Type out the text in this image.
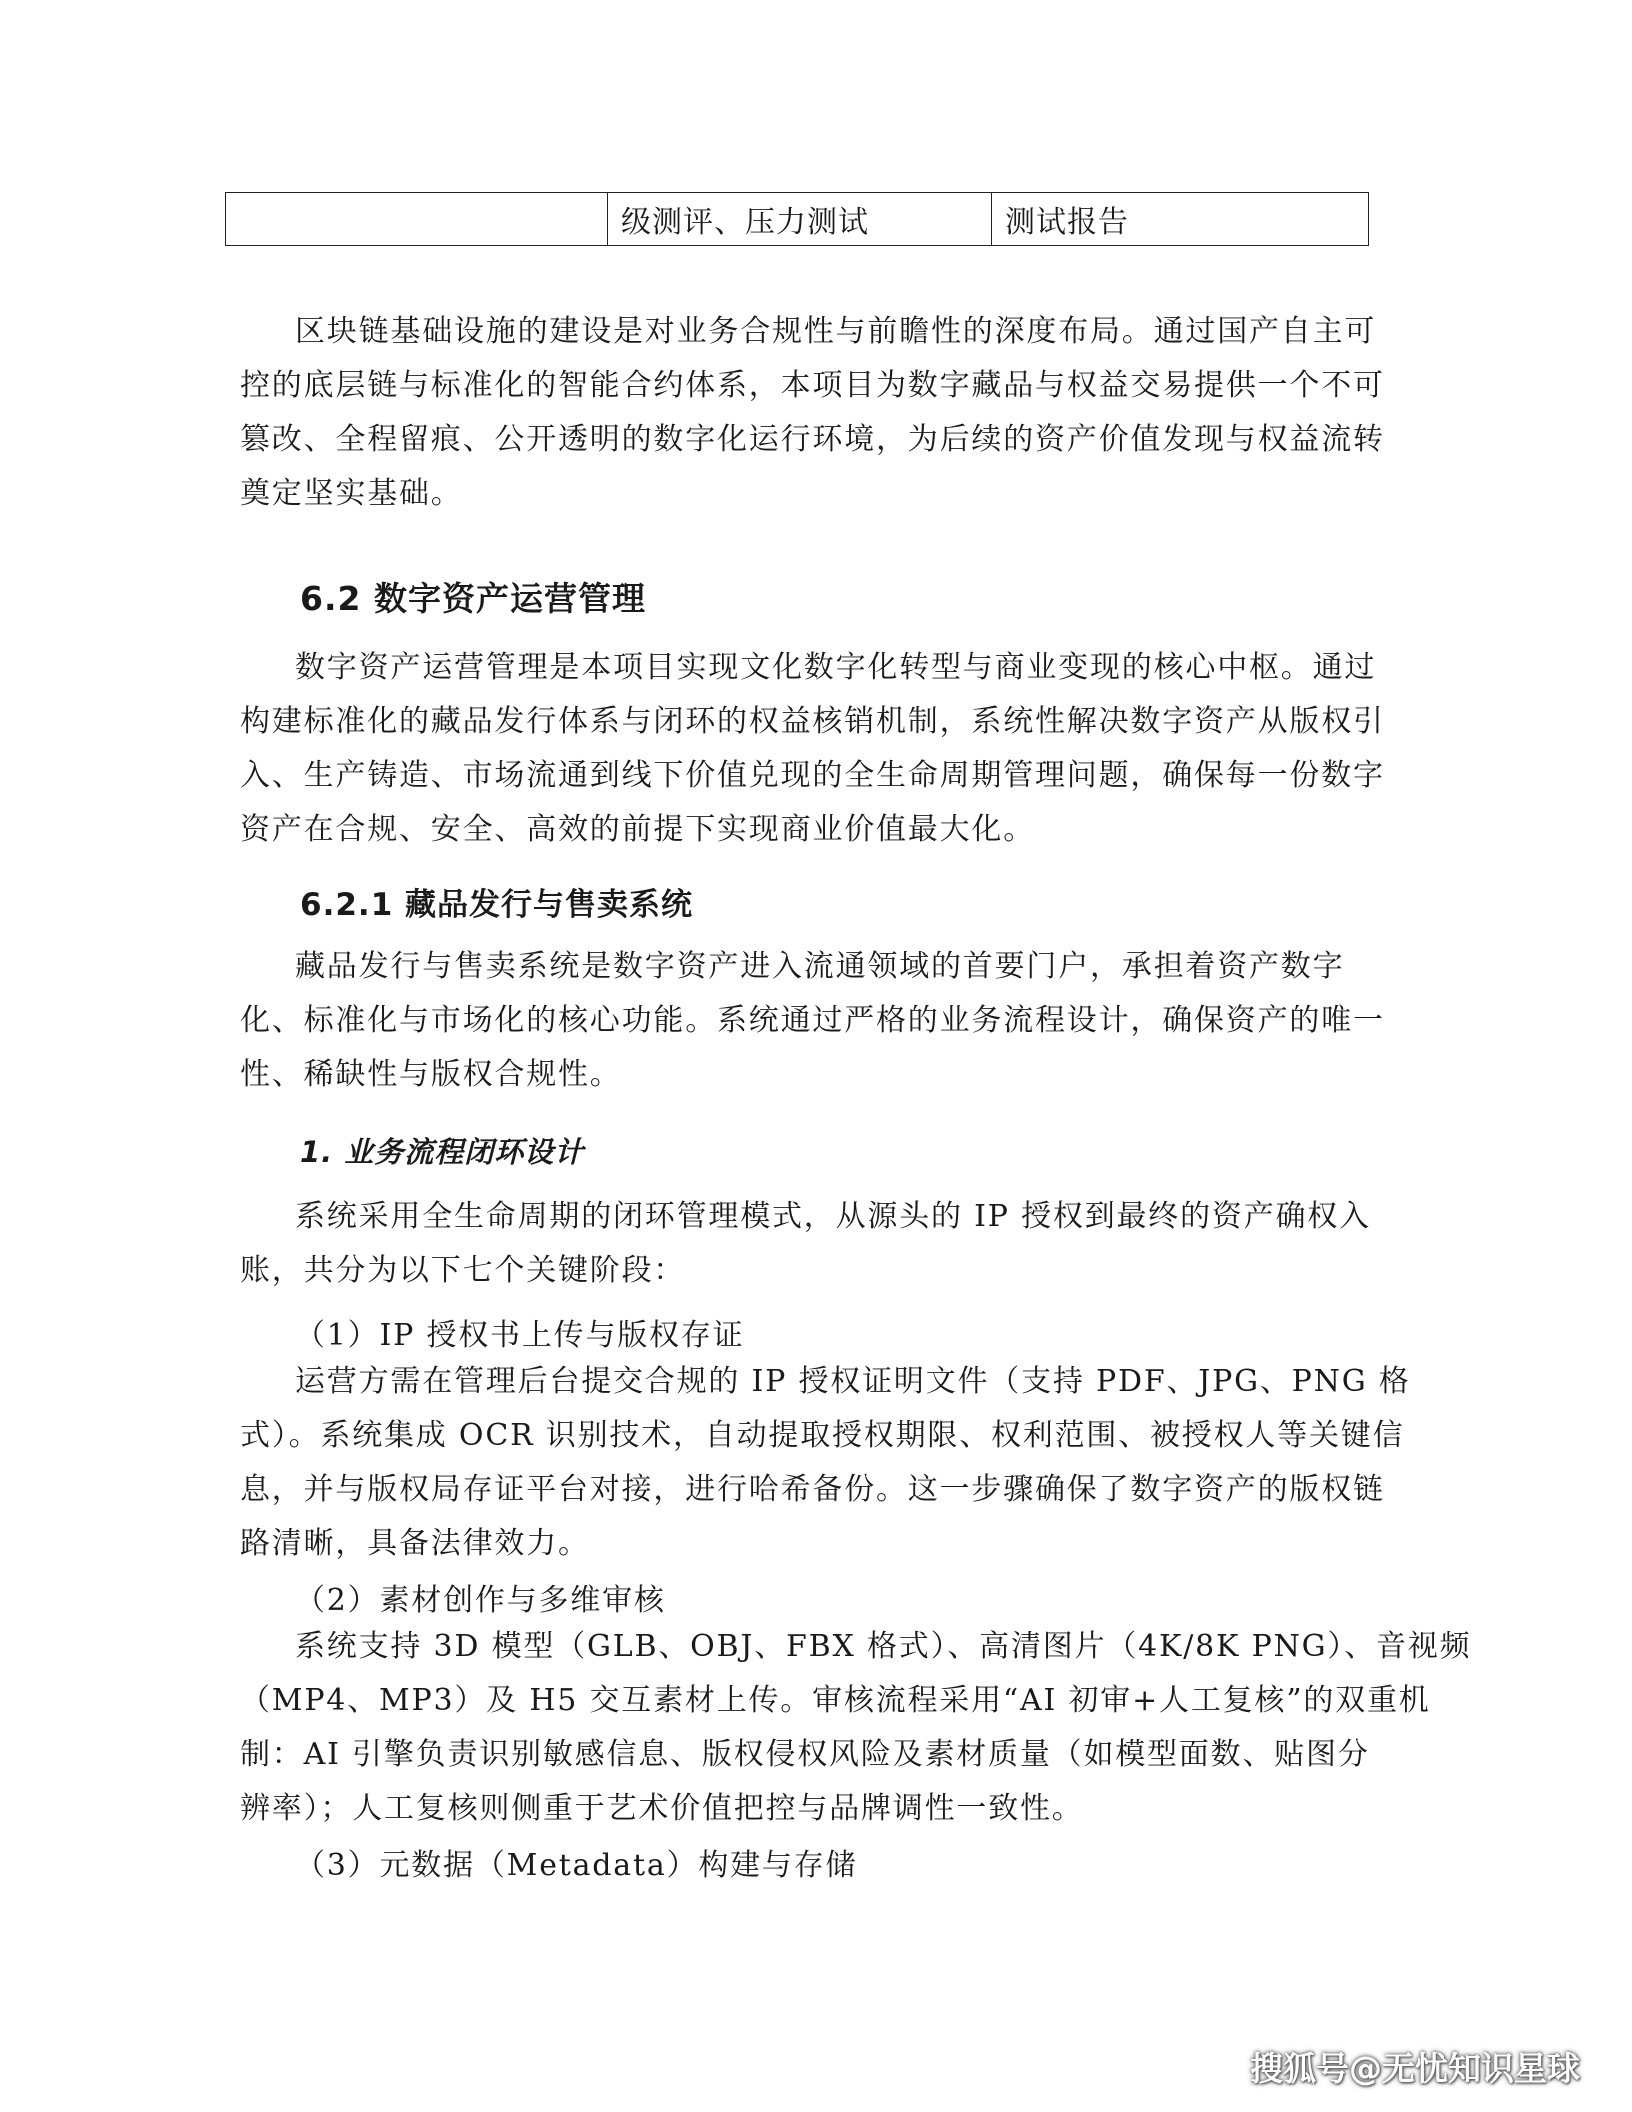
级测评、压力测试	测试报告
区块链基础设施的建设是对业务合规性与前瞻性的深度布局。通过国产自主可
控的底层链与标准化的智能合约体系，本项目为数字藏品与权益交易提供一个不可
篡改、全程留痕、公开透明的数字化运行环境，为后续的资产价值发现与权益流转
奠定坚实基础。
6.2 数字资产运营管理
数字资产运营管理是本项目实现文化数字化转型与商业变现的核心中枢。通过
构建标准化的藏品发行体系与闭环的权益核销机制，系统性解决数字资产从版权引
入、生产铸造、市场流通到线下价值兑现的全生命周期管理问题，确保每一份数字
资产在合规、安全、高效的前提下实现商业价值最大化。
6.2.1 藏品发行与售卖系统
藏品发行与售卖系统是数字资产进入流通领域的首要门户，承担着资产数字
化、标准化与市场化的核心功能。系统通过严格的业务流程设计，确保资产的唯一
性、稀缺性与版权合规性。
1. 业务流程闭环设计
系统采用全生命周期的闭环管理模式，从源头的 IP 授权到最终的资产确权入
账，共分为以下七个关键阶段：
（1）IP 授权书上传与版权存证
运营方需在管理后台提交合规的 IP 授权证明文件（支持 PDF、JPG、PNG 格
式）。系统集成 OCR 识别技术，自动提取授权期限、权利范围、被授权人等关键信
息，并与版权局存证平台对接，进行哈希备份。这一步骤确保了数字资产的版权链
路清晰，具备法律效力。
（2）素材创作与多维审核
系统支持 3D 模型（GLB、OBJ、FBX 格式）、高清图片（4K/8K PNG）、音视频
（MP4、MP3）及 H5 交互素材上传。审核流程采用“AI 初审+人工复核”的双重机
制：AI 引擎负责识别敏感信息、版权侵权风险及素材质量（如模型面数、贴图分
辨率）；人工复核则侧重于艺术价值把控与品牌调性一致性。
（3）元数据（Metadata）构建与存储
搜狐号@无忧知识星球
